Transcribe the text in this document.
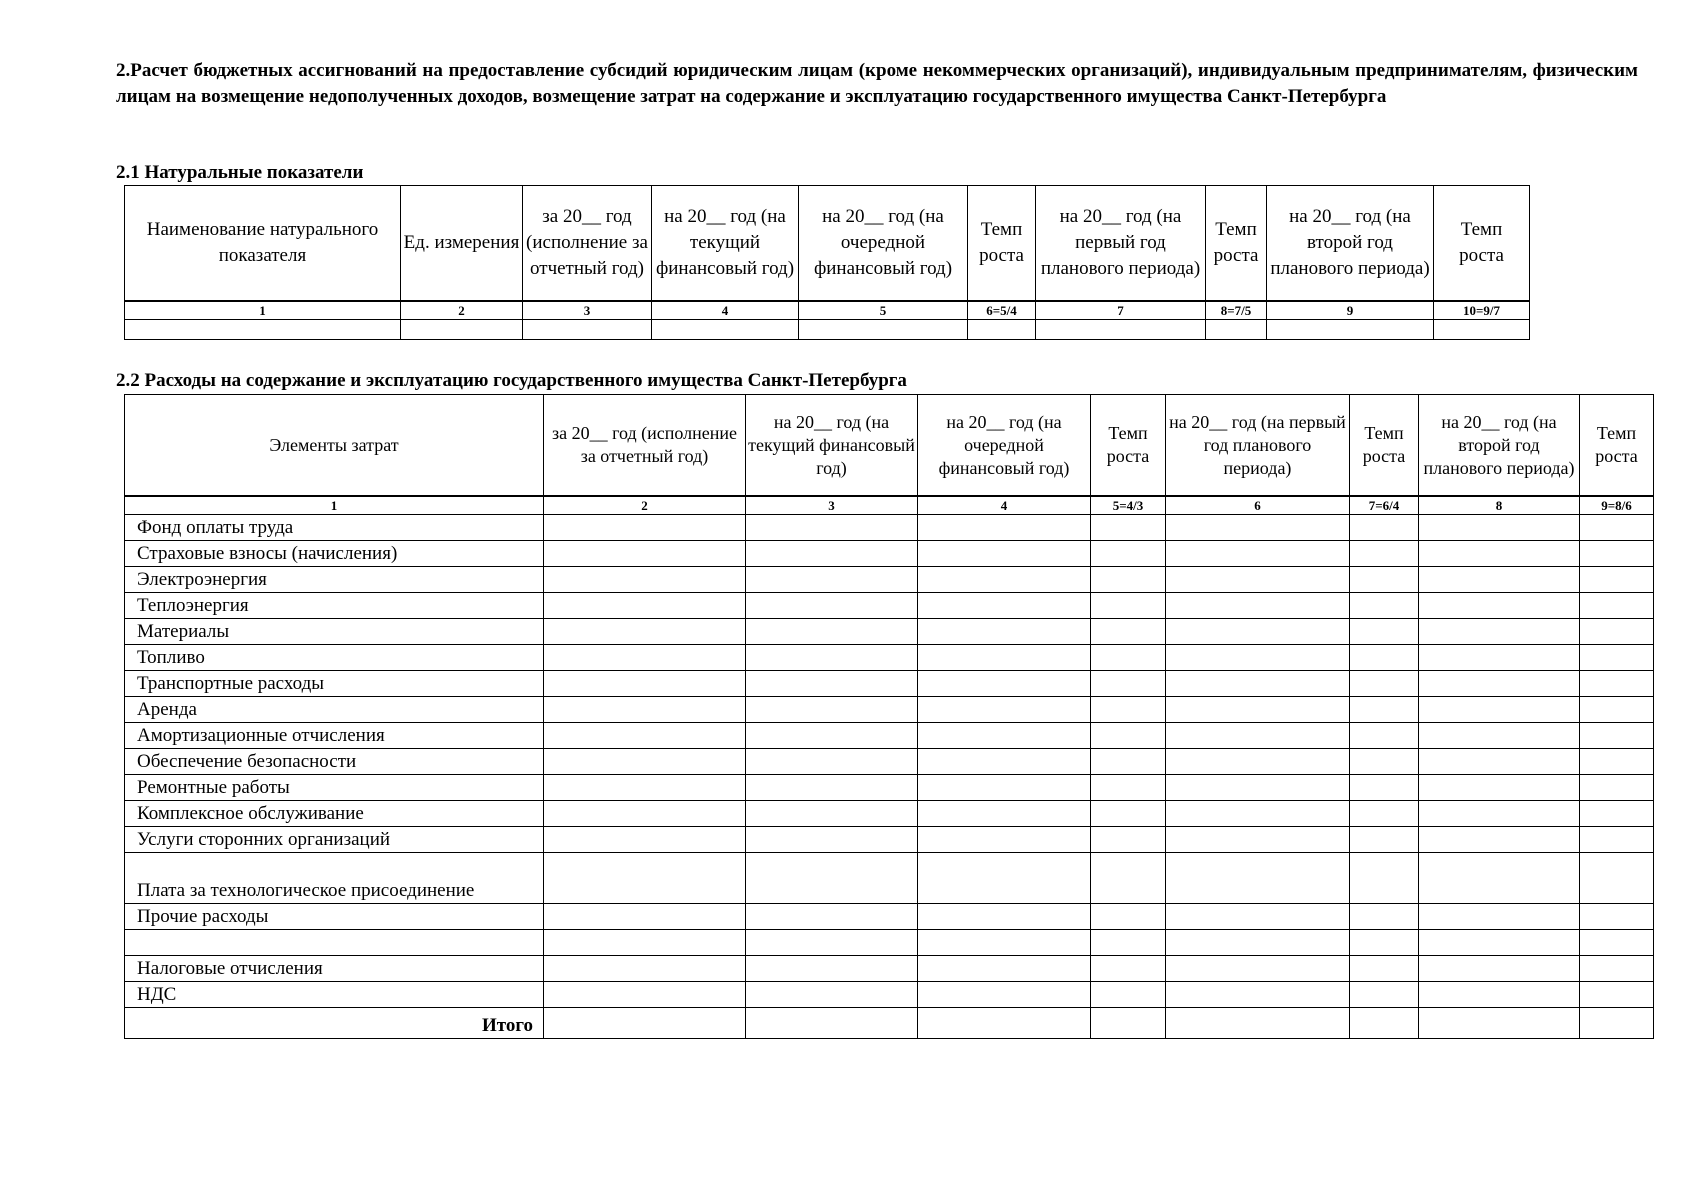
2.Расчет бюджетных ассигнований на предоставление субсидий юридическим лицам (кроме некоммерческих организаций), индивидуальным предпринимателям, физическим лицам на возмещение недополученных доходов, возмещение затрат на содержание и эксплуатацию государственного имущества Санкт-Петербурга

2.1 Натуральные показатели

Наименование натурального показателя	Ед. измерения	за 20__ год (исполнение за отчетный год)	на 20__ год (на текущий финансовый год)	на 20__ год (на очередной финансовый год)	Темп роста	на 20__ год (на первый год планового периода)	Темп роста	на 20__ год (на второй год планового периода)	Темп роста
1	2	3	4	5	6=5/4	7	8=7/5	9	10=9/7

2.2 Расходы на содержание и эксплуатацию государственного имущества Санкт-Петербурга

Элементы затрат	за 20__ год (исполнение за отчетный год)	на 20__ год (на текущий финансовый год)	на 20__ год (на очередной финансовый год)	Темп роста	на 20__ год (на первый год планового периода)	Темп роста	на 20__ год (на второй год планового периода)	Темп роста
1	2	3	4	5=4/3	6	7=6/4	8	9=8/6
Фонд оплаты труда								
Страховые взносы (начисления)								
Электроэнергия								
Теплоэнергия								
Материалы								
Топливо								
Транспортные расходы								
Аренда								
Амортизационные отчисления								
Обеспечение безопасности								
Ремонтные работы								
Комплексное обслуживание								
Услуги сторонних организаций								
Плата за технологическое присоединение								
Прочие расходы								

Налоговые отчисления								
НДС								
Итого								
